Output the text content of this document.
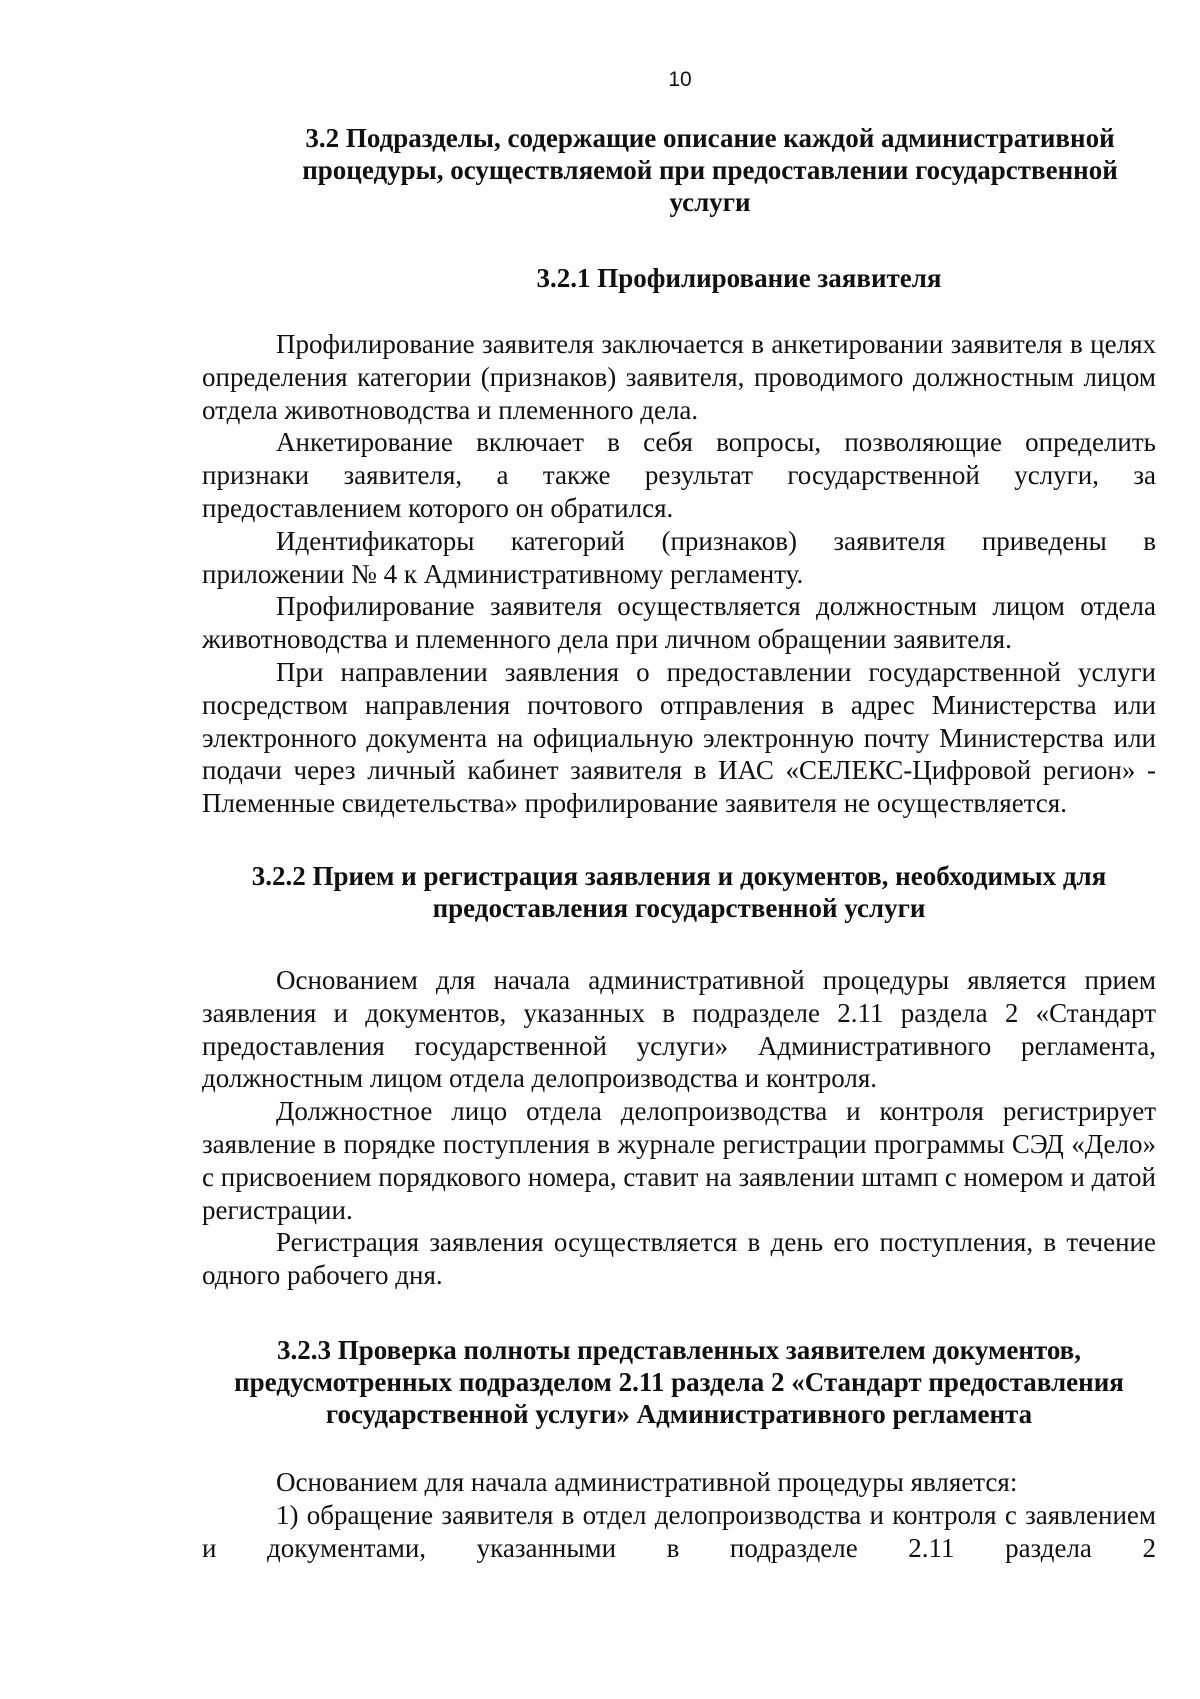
10
3.2 Подразделы, содержащие описание каждой административной процедуры, осуществляемой при предоставлении государственной услуги
3.2.1 Профилирование заявителя

Профилирование заявителя заключается в анкетировании заявителя в целях определения категории (признаков) заявителя, проводимого должностным лицом отдела животноводства и племенного дела.

Анкетирование включает в себя вопросы, позволяющие определить признаки заявителя, а также результат государственной услуги, за предоставлением которого он обратился.

Идентификаторы категорий (признаков) заявителя приведены в приложении № 4 к Административному регламенту.

Профилирование заявителя осуществляется должностным лицом отдела животноводства и племенного дела при личном обращении заявителя.

При направлении заявления о предоставлении государственной услуги посредством направления почтового отправления в адрес Министерства или электронного документа на официальную электронную почту Министерства или подачи через личный кабинет заявителя в ИАС «СЕЛЕКС-Цифровой регион» - Племенные свидетельства» профилирование заявителя не осуществляется.

3.2.2 Прием и регистрация заявления и документов, необходимых для предоставления государственной услуги

Основанием для начала административной процедуры является прием заявления и документов, указанных в подразделе 2.11 раздела 2 «Стандарт предоставления государственной услуги» Административного регламента, должностным лицом отдела делопроизводства и контроля.

Должностное лицо отдела делопроизводства и контроля регистрирует заявление в порядке поступления в журнале регистрации программы СЭД «Дело» с присвоением порядкового номера, ставит на заявлении штамп с номером и датой регистрации.

Регистрация заявления осуществляется в день его поступления, в течение одного рабочего дня.

3.2.3 Проверка полноты представленных заявителем документов, предусмотренных подразделом 2.11 раздела 2 «Стандарт предоставления государственной услуги» Административного регламента

Основанием для начала административной процедуры является:

1) обращение заявителя в отдел делопроизводства и контроля с заявлением и документами, указанными в подразделе 2.11 раздела 2
